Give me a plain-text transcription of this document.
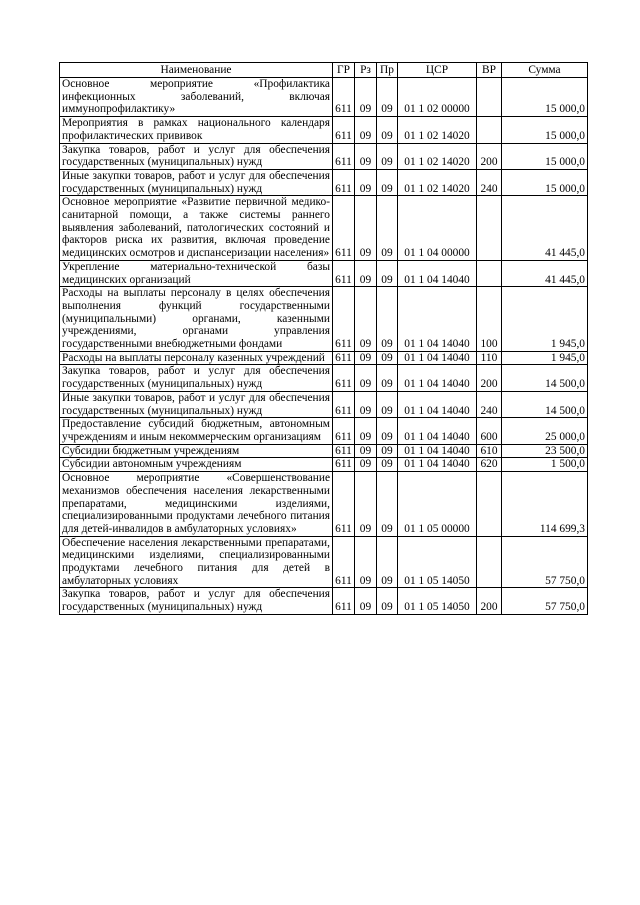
Наименование	ГР	Рз	Пр	ЦСР	ВР	Сумма
Основное мероприятие «Профилактика инфекционных заболеваний, включая иммунопрофилактику»	611	09	09	01 1 02 00000		15 000,0
Мероприятия в рамках национального календаря профилактических прививок	611	09	09	01 1 02 14020		15 000,0
Закупка товаров, работ и услуг для обеспечения государственных (муниципальных) нужд	611	09	09	01 1 02 14020	200	15 000,0
Иные закупки товаров, работ и услуг для обеспечения государственных (муниципальных) нужд	611	09	09	01 1 02 14020	240	15 000,0
Основное мероприятие «Развитие первичной медико-санитарной помощи, а также системы раннего выявления заболеваний, патологических состояний и факторов риска их развития, включая проведение медицинских осмотров и диспансеризации населения»	611	09	09	01 1 04 00000		41 445,0
Укрепление материально-технической базы медицинских организаций	611	09	09	01 1 04 14040		41 445,0
Расходы на выплаты персоналу в целях обеспечения выполнения функций государственными (муниципальными) органами, казенными учреждениями, органами управления государственными внебюджетными фондами	611	09	09	01 1 04 14040	100	1 945,0
Расходы на выплаты персоналу казенных учреждений	611	09	09	01 1 04 14040	110	1 945,0
Закупка товаров, работ и услуг для обеспечения государственных (муниципальных) нужд	611	09	09	01 1 04 14040	200	14 500,0
Иные закупки товаров, работ и услуг для обеспечения государственных (муниципальных) нужд	611	09	09	01 1 04 14040	240	14 500,0
Предоставление субсидий бюджетным, автономным учреждениям и иным некоммерческим организациям	611	09	09	01 1 04 14040	600	25 000,0
Субсидии бюджетным учреждениям	611	09	09	01 1 04 14040	610	23 500,0
Субсидии автономным учреждениям	611	09	09	01 1 04 14040	620	1 500,0
Основное мероприятие «Совершенствование механизмов обеспечения населения лекарственными препаратами, медицинскими изделиями, специализированными продуктами лечебного питания для детей-инвалидов в амбулаторных условиях»	611	09	09	01 1 05 00000		114 699,3
Обеспечение населения лекарственными препаратами, медицинскими изделиями, специализированными продуктами лечебного питания для детей в амбулаторных условиях	611	09	09	01 1 05 14050		57 750,0
Закупка товаров, работ и услуг для обеспечения государственных (муниципальных) нужд	611	09	09	01 1 05 14050	200	57 750,0
